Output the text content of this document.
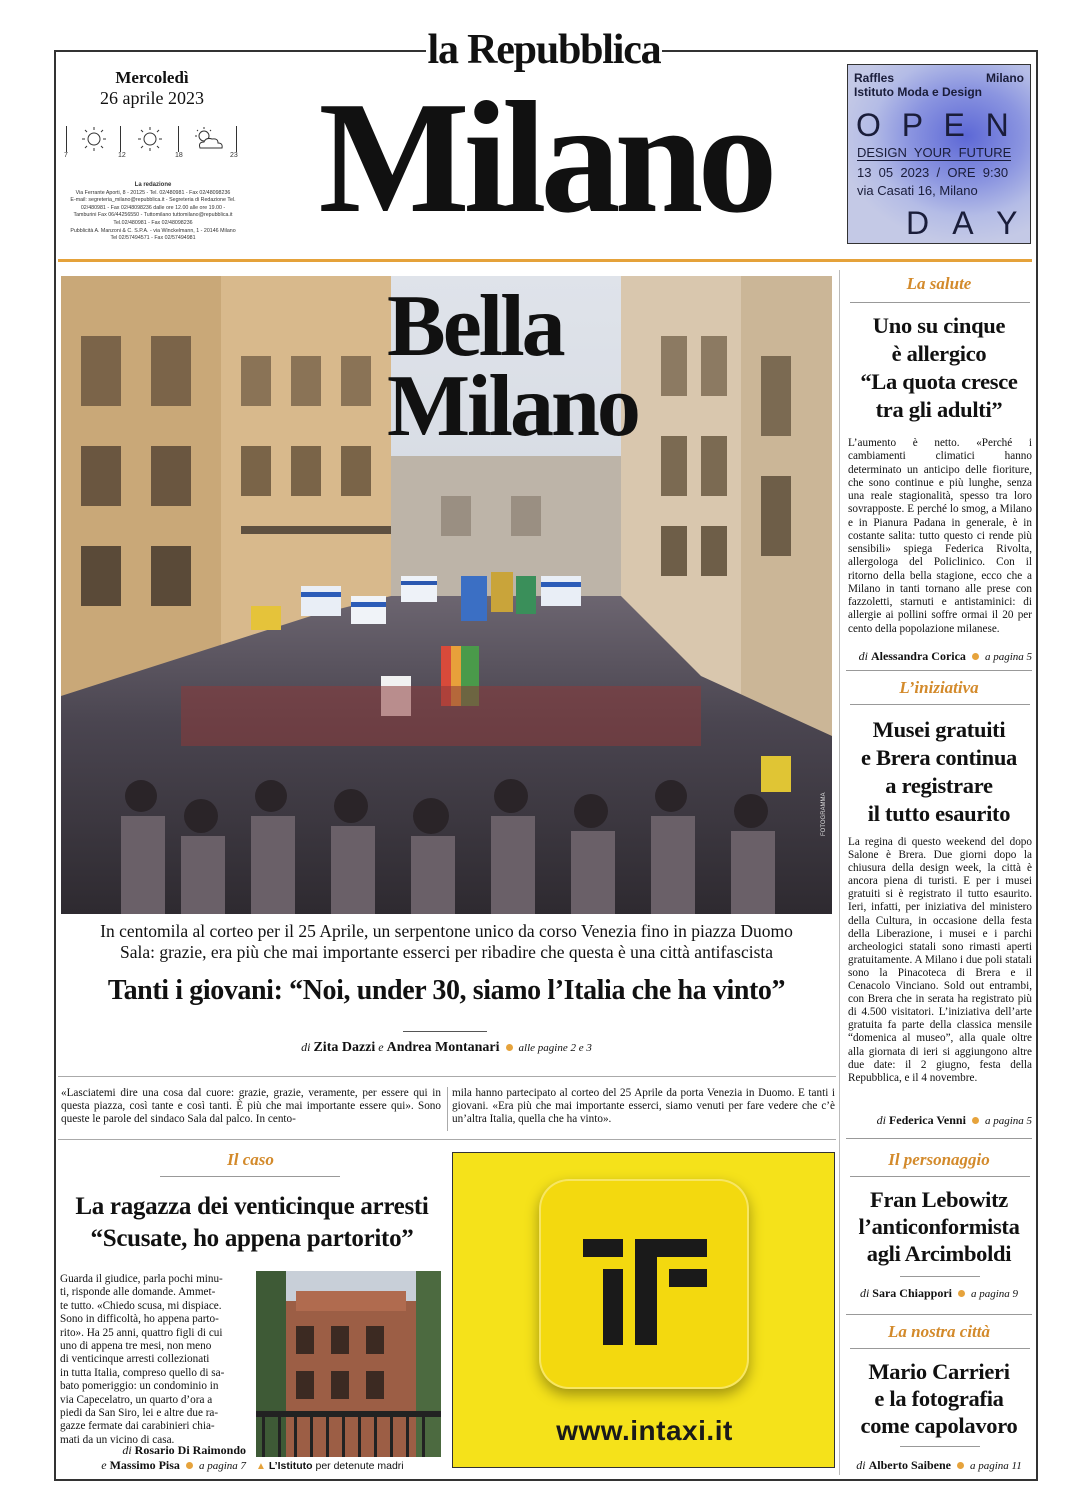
la Repubblica
Milano
Mercoledì
26 aprile 2023
7	12	18	23
La redazione
Via Ferrante Aporti, 8 - 20125 - Tel. 02/480981 - Fax 02/48098236
E-mail: segreteria_milano@repubblica.it - Segreteria di Redazione Tel.
02/480981 - Fax 02/48098236 dalle ore 12.00 alle ore 19.00 -
Tamburini Fax 06/44256550 - Tuttomilano tuttomilano@repubblica.it
Tel.02/480981 - Fax 02/48098236
Pubblicità A. Manzoni & C. S.P.A. - via Winckelmann, 1 - 20146 Milano
Tel 02/57494571 - Fax 02/57494981
Raffles
Istituto Moda e Design
Milano
O P E N
DESIGN  YOUR  FUTURE
13  05  2023  /  ORE  9:30
via Casati 16, Milano
D A Y
Bella
Milano
FOTOGRAMMA
In centomila al corteo per il 25 Aprile, un serpentone unico da corso Venezia fino in piazza Duomo
Sala: grazie, era più che mai importante esserci per ribadire che questa è una città antifascista
Tanti i giovani: “Noi, under 30, siamo l’Italia che ha vinto”
di Zita Dazzi e Andrea Montanari alle pagine 2 e 3
«Lasciatemi dire una cosa dal cuore: grazie, grazie, veramente, per essere qui in questa piazza, così tante e così tanti. È più che mai importante essere qui». Sono queste le parole del sindaco Sala dal palco. In cento-
mila hanno partecipato al corteo del 25 Aprile da porta Venezia in Duomo. E tanti i giovani. «Era più che mai importante esserci, siamo venuti per fare vedere che c’è un’altra Italia, quella che ha vinto».
La salute
Uno su cinque
è allergico
“La quota cresce
tra gli adulti”
L’aumento è netto. «Perché i cambiamenti climatici hanno determinato un anticipo delle fioriture, che sono continue e più lunghe, senza una reale stagionalità, spesso tra loro sovrapposte. E perché lo smog, a Milano e in Pianura Padana in generale, è in costante salita: tutto questo ci rende più sensibili» spiega Federica Rivolta, allergologa del Policlinico. Con il ritorno della bella stagione, ecco che a Milano in tanti tornano alle prese con fazzoletti, starnuti e antistaminici: di allergie ai pollini soffre ormai il 20 per cento della popolazione milanese.
di Alessandra Corica a pagina 5
L’iniziativa
Musei gratuiti
e Brera continua
a registrare
il tutto esaurito
La regina di questo weekend del dopo Salone è Brera. Due giorni dopo la chiusura della design week, la città è ancora piena di turisti. E per i musei gratuiti si è registrato il tutto esaurito. Ieri, infatti, per iniziativa del ministero della Cultura, in occasione della festa della Liberazione, i musei e i parchi archeologici statali sono rimasti aperti gratuitamente. A Milano i due poli statali sono la Pinacoteca di Brera e il Cenacolo Vinciano. Sold out entrambi, con Brera che in serata ha registrato più di 4.500 visitatori. L’iniziativa dell’arte gratuita fa parte della classica mensile “domenica al museo”, alla quale oltre alla giornata di ieri si aggiungono altre due date: il 2 giugno, festa della Repubblica, e il 4 novembre.
di Federica Venni a pagina 5
Il personaggio
Fran Lebowitz
l’anticonformista
agli Arcimboldi
di Sara Chiappori a pagina 9
La nostra città
Mario Carrieri
e la fotografia
come capolavoro
di Alberto Saibene a pagina 11
Il caso
La ragazza dei venticinque arresti
“Scusate, ho appena partorito”
Guarda il giudice, parla pochi minu-
ti, risponde alle domande. Ammet-
te tutto. «Chiedo scusa, mi dispiace.
Sono in difficoltà, ho appena parto-
rito». Ha 25 anni, quattro figli di cui
uno di appena tre mesi, non meno
di venticinque arresti collezionati
in tutta Italia, compreso quello di sa-
bato pomeriggio: un condominio in
via Capecelatro, un quarto d’ora a
piedi da San Siro, lei e altre due ra-
gazze fermate dai carabinieri chia-
mati da un vicino di casa.
di Rosario Di Raimondo
e Massimo Pisa a pagina 7 ▲ L’Istituto per detenute madri
www.intaxi.it
